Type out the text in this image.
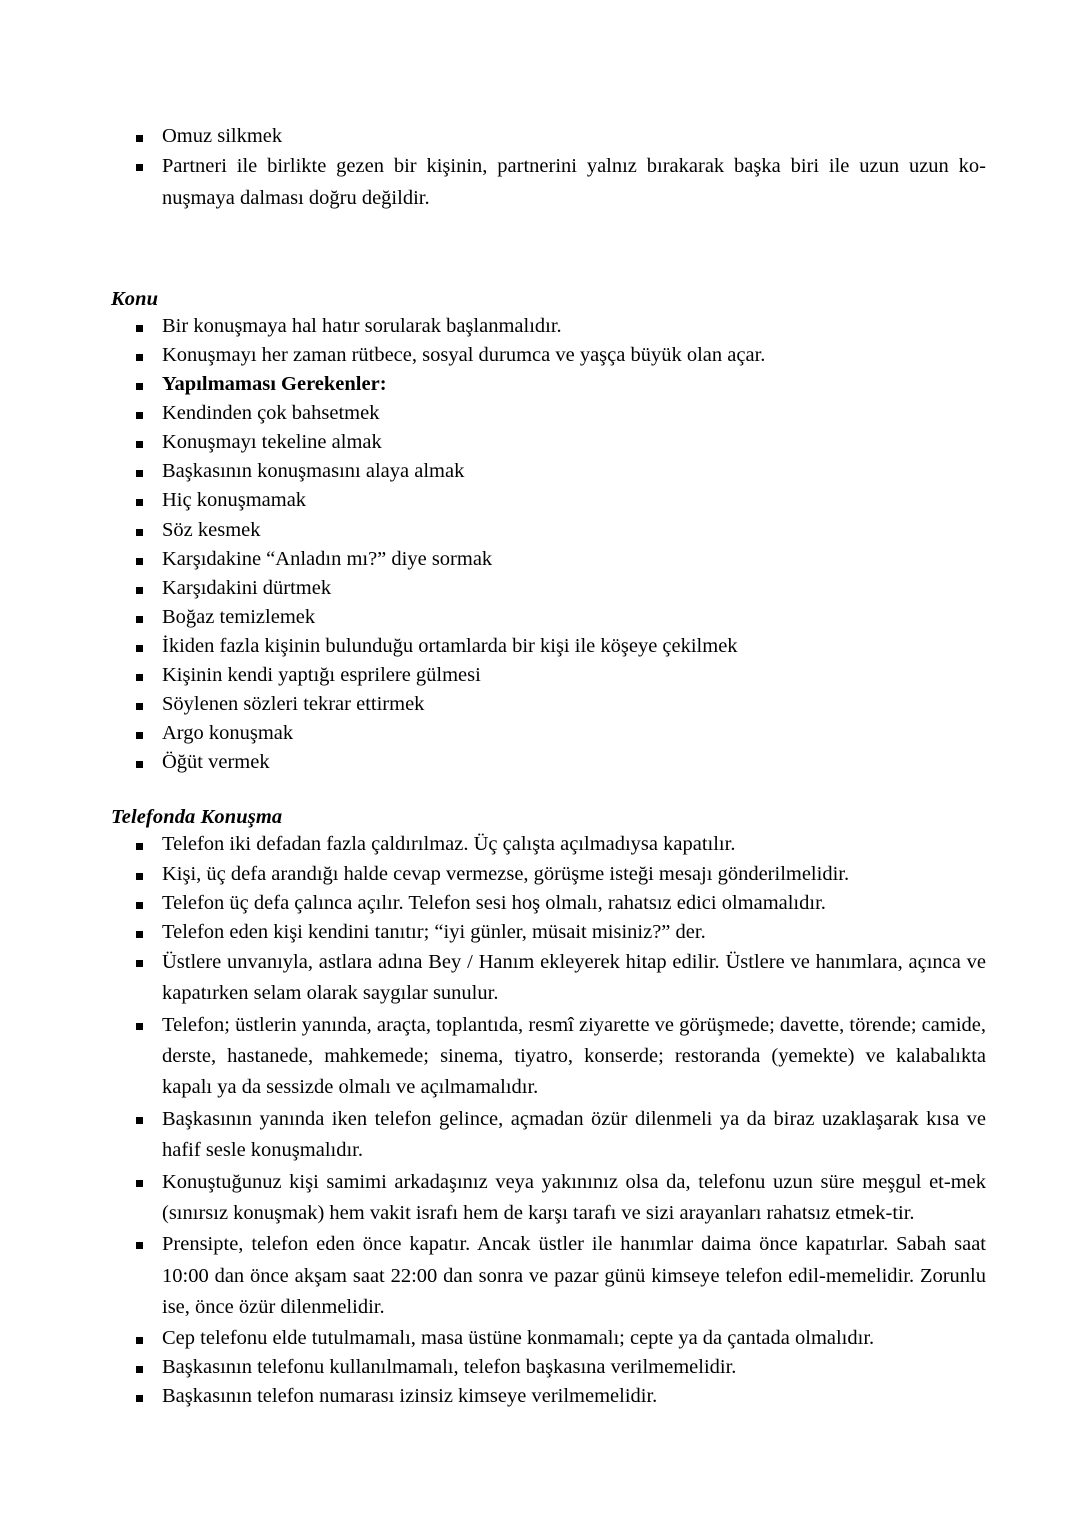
Omuz silkmek
Partneri ile birlikte gezen bir kişinin, partnerini yalnız bırakarak başka biri ile uzun uzun ko-nuşmaya dalması doğru değildir.
Konu
Bir konuşmaya hal hatır sorularak başlanmalıdır.
Konuşmayı her zaman rütbece, sosyal durumca ve yaşça büyük olan açar.
Yapılmaması Gerekenler:
Kendinden çok bahsetmek
Konuşmayı tekeline almak
Başkasının konuşmasını alaya almak
Hiç konuşmamak
Söz kesmek
Karşıdakine “Anladın mı?” diye sormak
Karşıdakini dürtmek
Boğaz temizlemek
İkiden fazla kişinin bulunduğu ortamlarda bir kişi ile köşeye çekilmek
Kişinin kendi yaptığı esprilere gülmesi
Söylenen sözleri tekrar ettirmek
Argo konuşmak
Öğüt vermek
Telefonda Konuşma
Telefon iki defadan fazla çaldırılmaz. Üç çalışta açılmadıysa kapatılır.
Kişi, üç defa arandığı halde cevap vermezse, görüşme isteği mesajı gönderilmelidir.
Telefon üç defa çalınca açılır. Telefon sesi hoş olmalı, rahatsız edici olmamalıdır.
Telefon eden kişi kendini tanıtır; “iyi günler, müsait misiniz?” der.
Üstlere unvanıyla, astlara adına Bey / Hanım ekleyerek hitap edilir. Üstlere ve hanımlara, açınca ve kapatırken selam olarak saygılar sunulur.
Telefon; üstlerin yanında, araçta, toplantıda, resmî ziyarette ve görüşmede; davette, törende; camide, derste, hastanede, mahkemede; sinema, tiyatro, konserde; restoranda (yemekte) ve kalabalıkta kapalı ya da sessizde olmalı ve açılmamalıdır.
Başkasının yanında iken telefon gelince, açmadan özür dilenmeli ya da biraz uzaklaşarak kısa ve hafif sesle konuşmalıdır.
Konuştuğunuz kişi samimi arkadaşınız veya yakınınız olsa da, telefonu uzun süre meşgul et-mek (sınırsız konuşmak) hem vakit israfı hem de karşı tarafı ve sizi arayanları rahatsız etmek-tir.
Prensipte, telefon eden önce kapatır. Ancak üstler ile hanımlar daima önce kapatırlar. Sabah saat 10:00 dan önce akşam saat 22:00 dan sonra ve pazar günü kimseye telefon edil-memelidir. Zorunlu ise, önce özür dilenmelidir.
Cep telefonu elde tutulmamalı, masa üstüne konmamalı; cepte ya da çantada olmalıdır.
Başkasının telefonu kullanılmamalı, telefon başkasına verilmemelidir.
Başkasının telefon numarası izinsiz kimseye verilmemelidir.
